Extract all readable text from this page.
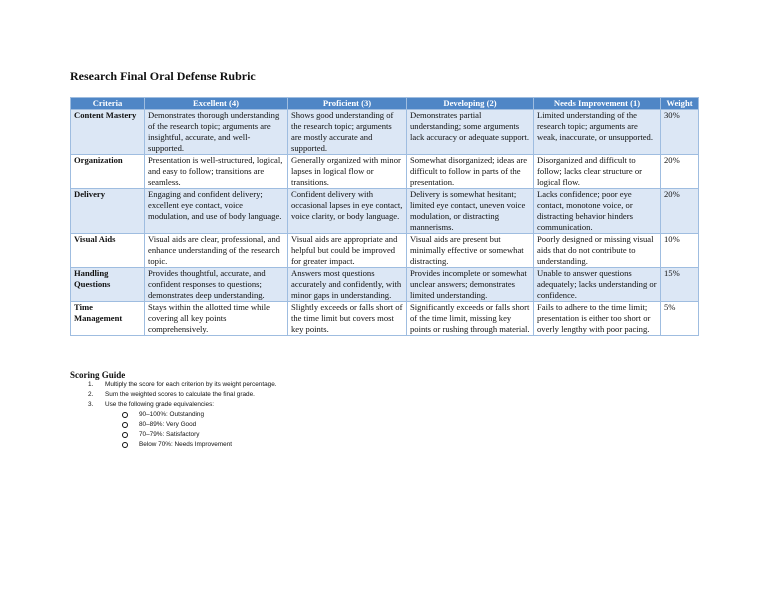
Research Final Oral Defense Rubric
Criteria	Excellent (4)	Proficient (3)	Developing (2)	Needs Improvement (1)	Weight
Content Mastery	Demonstrates thorough understanding of the research topic; arguments are insightful, accurate, and well-supported.	Shows good understanding of the research topic; arguments are mostly accurate and supported.	Demonstrates partial understanding; some arguments lack accuracy or adequate support.	Limited understanding of the research topic; arguments are weak, inaccurate, or unsupported.	30%
Organization	Presentation is well-structured, logical, and easy to follow; transitions are seamless.	Generally organized with minor lapses in logical flow or transitions.	Somewhat disorganized; ideas are difficult to follow in parts of the presentation.	Disorganized and difficult to follow; lacks clear structure or logical flow.	20%
Delivery	Engaging and confident delivery; excellent eye contact, voice modulation, and use of body language.	Confident delivery with occasional lapses in eye contact, voice clarity, or body language.	Delivery is somewhat hesitant; limited eye contact, uneven voice modulation, or distracting mannerisms.	Lacks confidence; poor eye contact, monotone voice, or distracting behavior hinders communication.	20%
Visual Aids	Visual aids are clear, professional, and enhance understanding of the research topic.	Visual aids are appropriate and helpful but could be improved for greater impact.	Visual aids are present but minimally effective or somewhat distracting.	Poorly designed or missing visual aids that do not contribute to understanding.	10%
Handling Questions	Provides thoughtful, accurate, and confident responses to questions; demonstrates deep understanding.	Answers most questions accurately and confidently, with minor gaps in understanding.	Provides incomplete or somewhat unclear answers; demonstrates limited understanding.	Unable to answer questions adequately; lacks understanding or confidence.	15%
Time Management	Stays within the allotted time while covering all key points comprehensively.	Slightly exceeds or falls short of the time limit but covers most key points.	Significantly exceeds or falls short of the time limit, missing key points or rushing through material.	Fails to adhere to the time limit; presentation is either too short or overly lengthy with poor pacing.	5%
Scoring Guide
1. Multiply the score for each criterion by its weight percentage.
2. Sum the weighted scores to calculate the final grade.
3. Use the following grade equivalencies:
90–100%: Outstanding
80–89%: Very Good
70–79%: Satisfactory
Below 70%: Needs Improvement
